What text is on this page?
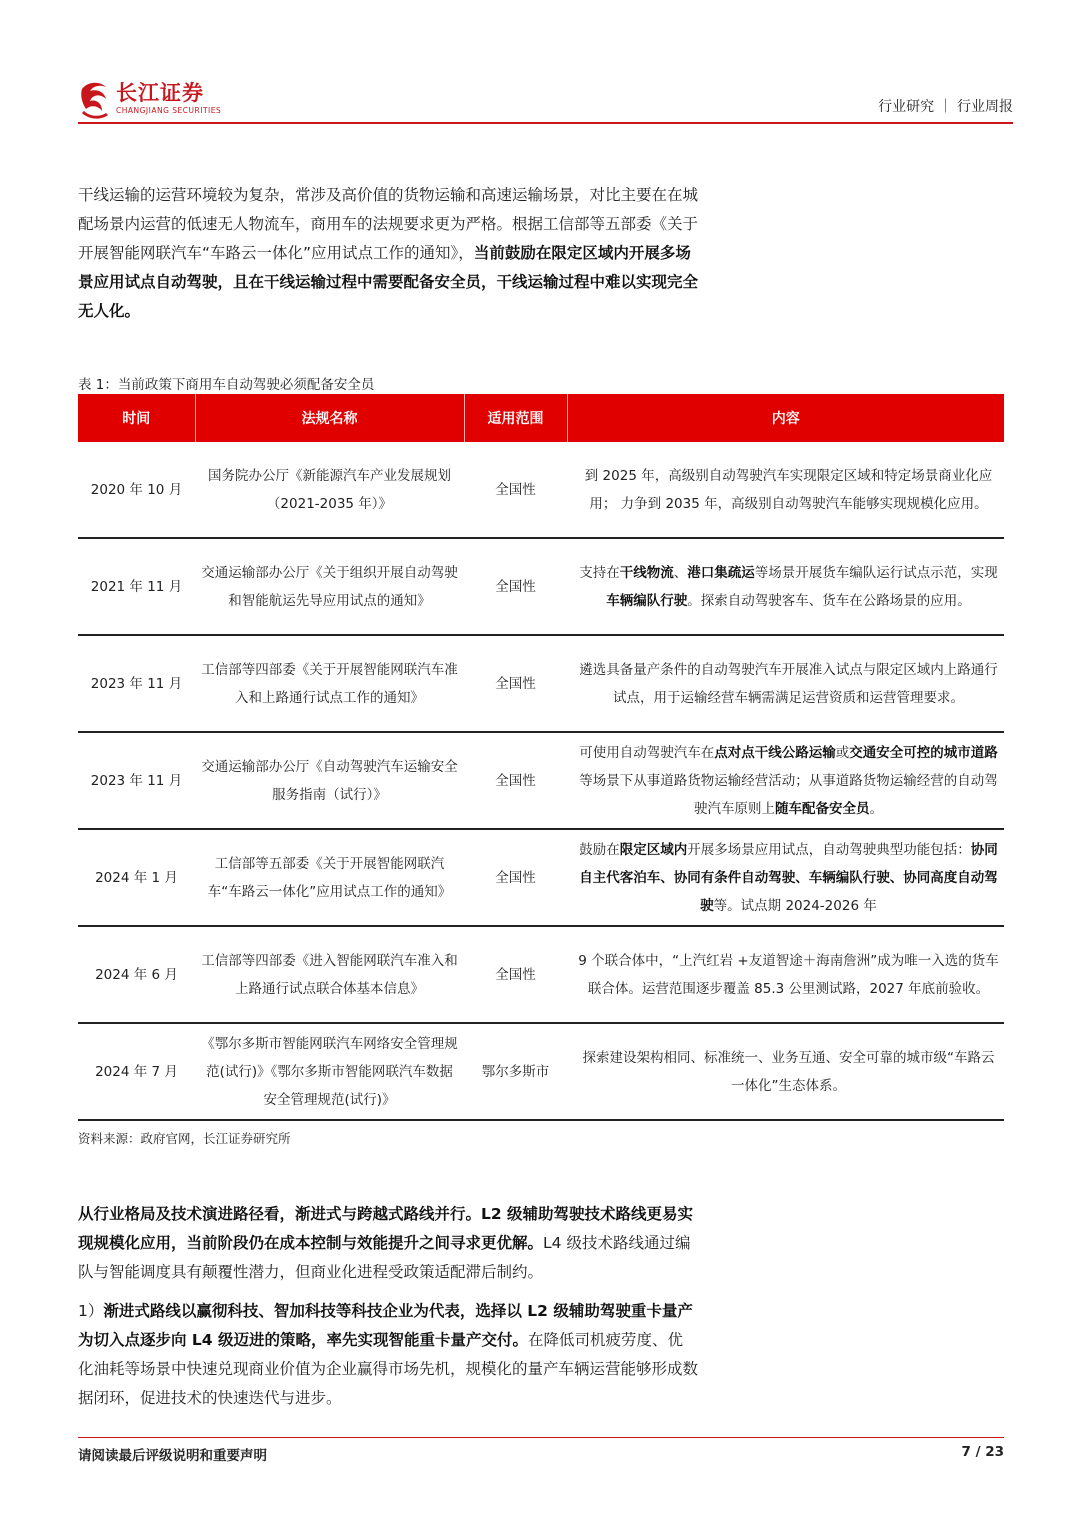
长江证券
CHANGJIANG SECURITIES	行业研究 ｜ 行业周报
干线运输的运营环境较为复杂，常涉及高价值的货物运输和高速运输场景，对比主要在在城配场景内运营的低速无人物流车，商用车的法规要求更为严格。根据工信部等五部委《关于开展智能网联汽车“车路云一体化”应用试点工作的通知》，当前鼓励在限定区域内开展多场景应用试点自动驾驶，且在干线运输过程中需要配备安全员，干线运输过程中难以实现完全无人化。
表 1：当前政策下商用车自动驾驶必须配备安全员
时间	法规名称	适用范围	内容
2020 年 10 月	国务院办公厅《新能源汽车产业发展规划（2021-2035 年）》	全国性	到 2025 年，高级别自动驾驶汽车实现限定区域和特定场景商业化应用； 力争到 2035 年，高级别自动驾驶汽车能够实现规模化应用。
2021 年 11 月	交通运输部办公厅《关于组织开展自动驾驶和智能航运先导应用试点的通知》	全国性	支持在干线物流、港口集疏运等场景开展货车编队运行试点示范，实现车辆编队行驶。探索自动驾驶客车、货车在公路场景的应用。
2023 年 11 月	工信部等四部委《关于开展智能网联汽车准入和上路通行试点工作的通知》	全国性	遴选具备量产条件的自动驾驶汽车开展准入试点与限定区域内上路通行试点，用于运输经营车辆需满足运营资质和运营管理要求。
2023 年 11 月	交通运输部办公厅《自动驾驶汽车运输安全服务指南（试行）》	全国性	可使用自动驾驶汽车在点对点干线公路运输或交通安全可控的城市道路等场景下从事道路货物运输经营活动；从事道路货物运输经营的自动驾驶汽车原则上随车配备安全员。
2024 年 1 月	工信部等五部委《关于开展智能网联汽车“车路云一体化”应用试点工作的通知》	全国性	鼓励在限定区域内开展多场景应用试点，自动驾驶典型功能包括：协同自主代客泊车、协同有条件自动驾驶、车辆编队行驶、协同高度自动驾驶等。试点期 2024-2026 年
2024 年 6 月	工信部等四部委《进入智能网联汽车准入和上路通行试点联合体基本信息》	全国性	9 个联合体中，“上汽红岩 +友道智途＋海南詹洲”成为唯一入选的货车联合体。运营范围逐步覆盖 85.3 公里测试路，2027 年底前验收。
2024 年 7 月	《鄂尔多斯市智能网联汽车网络安全管理规范(试行)》《鄂尔多斯市智能网联汽车数据安全管理规范(试行)》	鄂尔多斯市	探索建设架构相同、标准统一、业务互通、安全可靠的城市级“车路云一体化”生态体系。
资料来源：政府官网，长江证券研究所
从行业格局及技术演进路径看，渐进式与跨越式路线并行。L2 级辅助驾驶技术路线更易实现规模化应用，当前阶段仍在成本控制与效能提升之间寻求更优解。L4 级技术路线通过编队与智能调度具有颠覆性潜力，但商业化进程受政策适配滞后制约。
1）渐进式路线以赢彻科技、智加科技等科技企业为代表，选择以 L2 级辅助驾驶重卡量产为切入点逐步向 L4 级迈进的策略，率先实现智能重卡量产交付。在降低司机疲劳度、优化油耗等场景中快速兑现商业价值为企业赢得市场先机，规模化的量产车辆运营能够形成数据闭环，促进技术的快速迭代与进步。
请阅读最后评级说明和重要声明	7 / 23
